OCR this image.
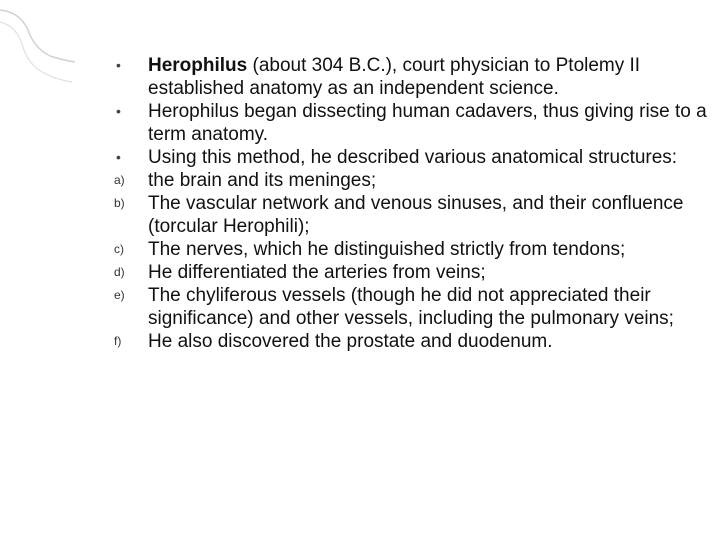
•	Herophilus (about 304 B.C.), court physician to Ptolemy II established anatomy as an independent science.
•	Herophilus began dissecting human cadavers, thus giving rise to a term anatomy.
•	Using this method, he described various anatomical structures:
a)	the brain and its meninges;
b)	The vascular network and venous sinuses, and their confluence (torcular Herophili);
c)	The nerves, which he distinguished strictly from tendons;
d)	He differentiated the arteries from veins;
e)	The chyliferous vessels (though he did not appreciated their significance) and other vessels, including the pulmonary veins;
f)	He also discovered the prostate and duodenum.
